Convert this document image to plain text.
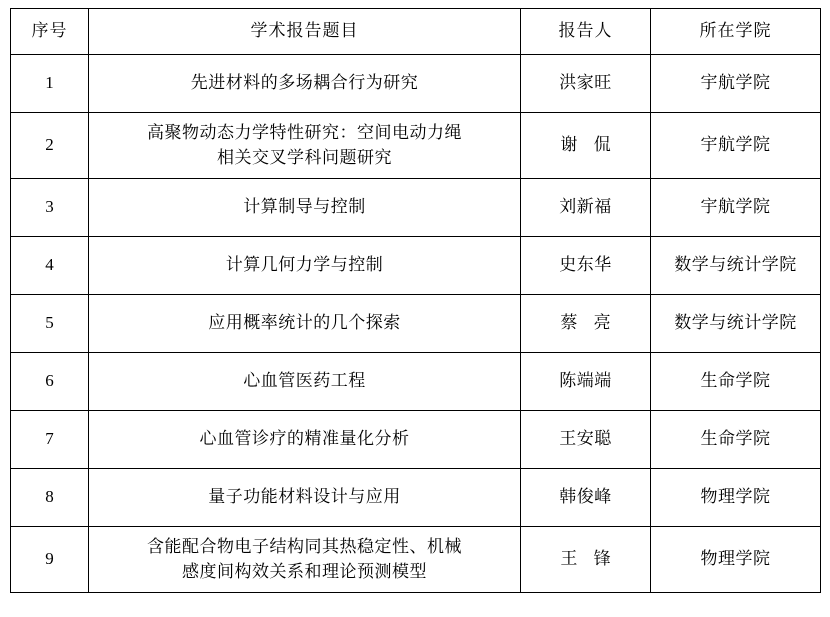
序号	学术报告题目	报告人	所在学院
1	先进材料的多场耦合行为研究	洪家旺	宇航学院
2	高聚物动态力学特性研究：空间电动力绳
相关交叉学科问题研究	谢 侃	宇航学院
3	计算制导与控制	刘新福	宇航学院
4	计算几何力学与控制	史东华	数学与统计学院
5	应用概率统计的几个探索	蔡 亮	数学与统计学院
6	心血管医药工程	陈端端	生命学院
7	心血管诊疗的精准量化分析	王安聪	生命学院
8	量子功能材料设计与应用	韩俊峰	物理学院
9	含能配合物电子结构同其热稳定性、机械
感度间构效关系和理论预测模型	王 锋	物理学院
